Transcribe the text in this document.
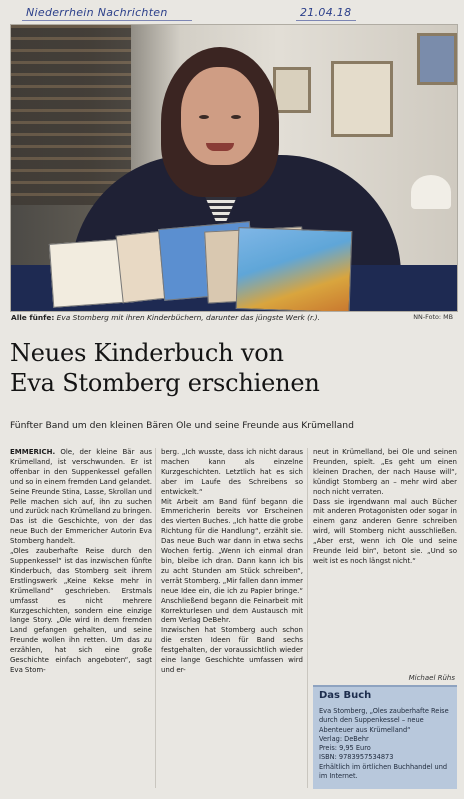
Niederrhein Nachrichten	21.04.18
Alle fünfe: Eva Stomberg mit ihren Kinderbüchern, darunter das jüngste Werk (r.).	NN-Foto: MB
Neues Kinderbuch von
Eva Stomberg erschienen
Fünfter Band um den kleinen Bären Ole und seine Freunde aus Krümelland
EMMERICH. Ole, der kleine Bär aus Krümelland, ist verschwunden. Er ist offenbar in den Suppenkessel gefallen und so in einem fremden Land gelandet. Seine Freunde Stina, Lasse, Skrollan und Pelle machen sich auf, ihn zu suchen und zurück nach Krümelland zu bringen. Das ist die Geschichte, von der das neue Buch der Emmericher Autorin Eva Stomberg handelt.
„Oles zauberhafte Reise durch den Suppenkessel“ ist das inzwischen fünfte Kinderbuch, das Stomberg seit ihrem Erstlingswerk „Keine Kekse mehr in Krümelland“ geschrieben. Erstmals umfasst es nicht mehrere Kurzgeschichten, sondern eine einzige lange Story. „Ole wird in dem fremden Land gefangen gehalten, und seine Freunde wollen ihn retten. Um das zu erzählen, hat sich eine große Geschichte einfach angeboten“, sagt Eva Stom-
berg. „Ich wusste, dass ich nicht daraus machen kann als einzelne Kurzgeschichten. Letztlich hat es sich aber im Laufe des Schreibens so entwickelt.“
Mit Arbeit am Band fünf begann die Emmericherin bereits vor Erscheinen des vierten Buches. „Ich hatte die grobe Richtung für die Handlung“, erzählt sie. Das neue Buch war dann in etwa sechs Wochen fertig. „Wenn ich einmal dran bin, bleibe ich dran. Dann kann ich bis zu acht Stunden am Stück schreiben“, verrät Stomberg. „Mir fallen dann immer neue Idee ein, die ich zu Papier bringe.“ Anschließend begann die Feinarbeit mit Korrekturlesen und dem Austausch mit dem Verlag DeBehr.
Inzwischen hat Stomberg auch schon die ersten Ideen für Band sechs festgehalten, der voraussichtlich wieder eine lange Geschichte umfassen wird und er-
neut in Krümelland, bei Ole und seinen Freunden, spielt. „Es geht um einen kleinen Drachen, der nach Hause will“, kündigt Stomberg an – mehr wird aber noch nicht verraten.
Dass sie irgendwann mal auch Bücher mit anderen Protagonisten oder sogar in einem ganz anderen Genre schreiben wird, will Stomberg nicht ausschließen. „Aber erst, wenn ich Ole und seine Freunde leid bin“, betont sie. „Und so weit ist es noch längst nicht.“
Michael Rühs
Das Buch
Eva Stomberg, „Oles zauberhafte Reise durch den Suppenkessel – neue Abenteuer aus Krümelland“
Verlag: DeBehr
Preis: 9,95 Euro
ISBN: 9783957534873
Erhältlich im örtlichen Buchhandel und im Internet.
